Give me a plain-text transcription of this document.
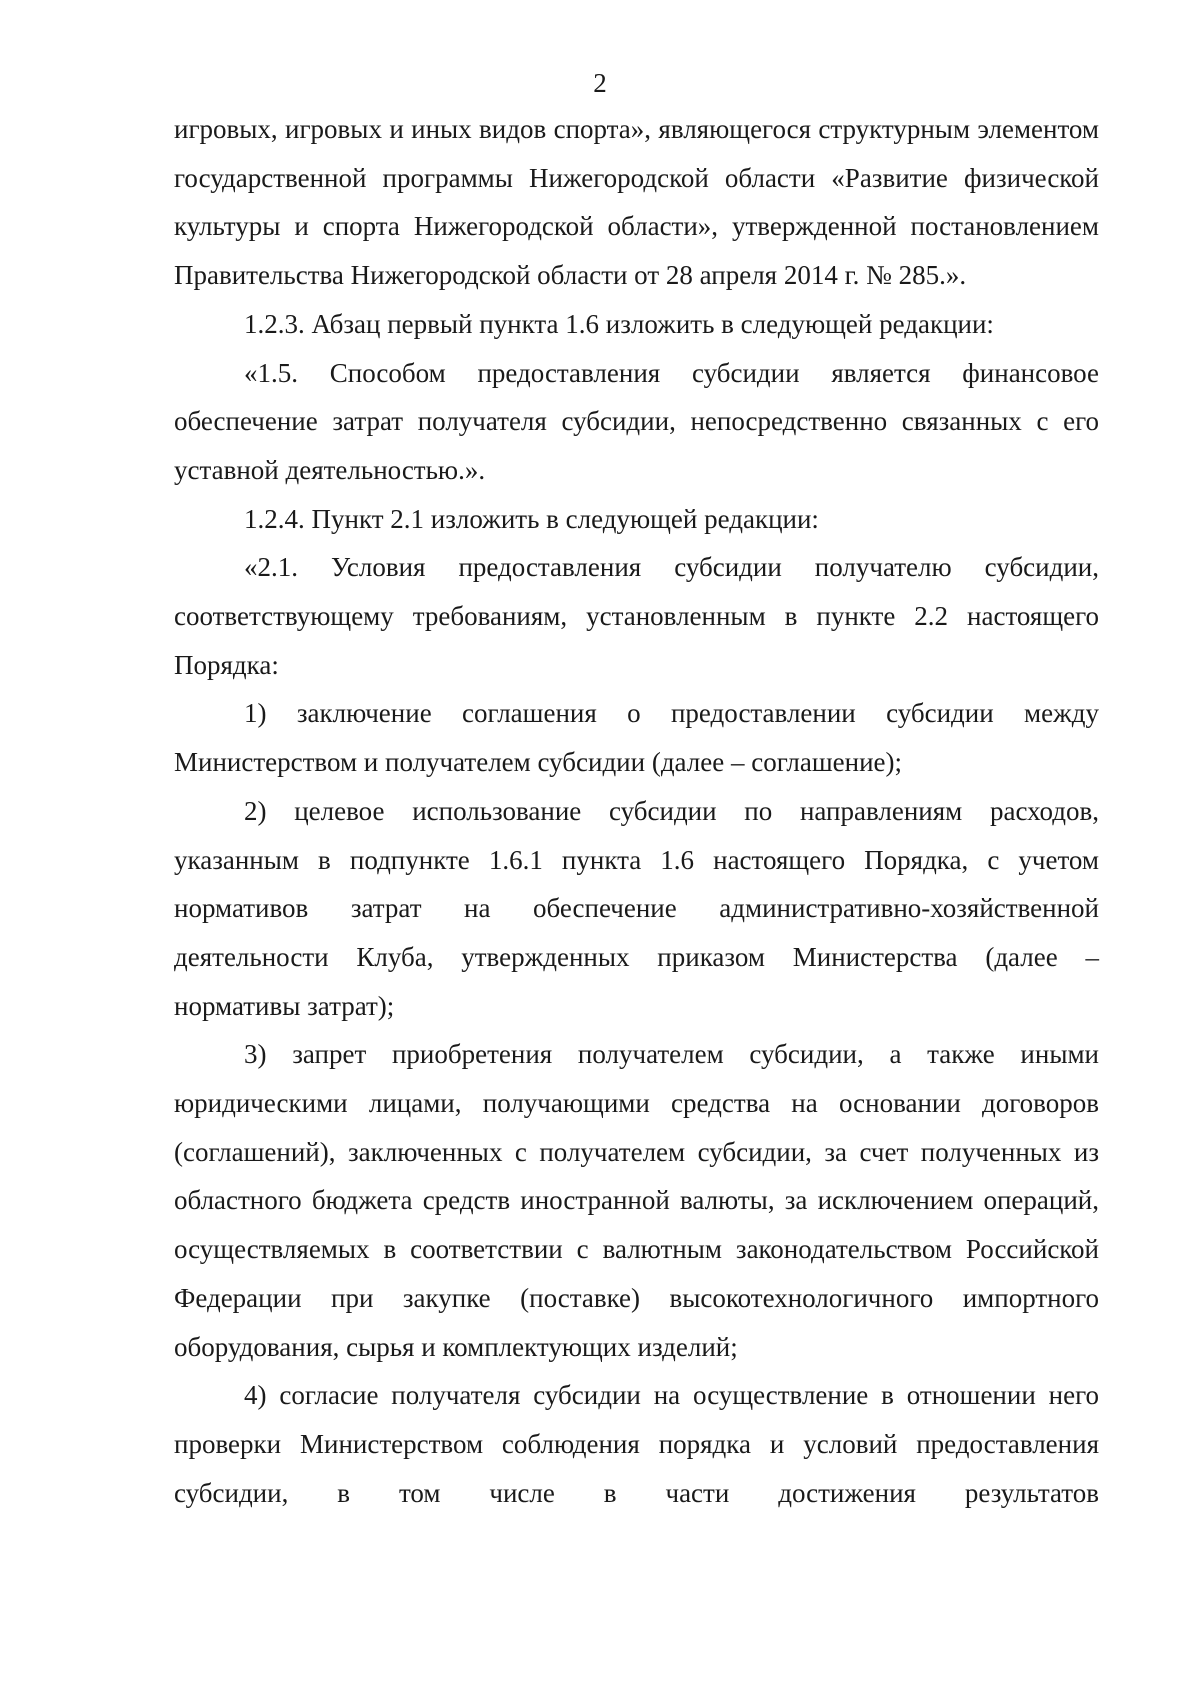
2

игровых, игровых и иных видов спорта», являющегося структурным элементом государственной программы Нижегородской области «Развитие физической культуры и спорта Нижегородской области», утвержденной постановлением Правительства Нижегородской области от 28 апреля 2014 г. № 285.».

1.2.3. Абзац первый пункта 1.6 изложить в следующей редакции:

«1.5. Способом предоставления субсидии является финансовое обеспечение затрат получателя субсидии, непосредственно связанных с его уставной деятельностью.».

1.2.4. Пункт 2.1 изложить в следующей редакции:

«2.1. Условия предоставления субсидии получателю субсидии, соответствующему требованиям, установленным в пункте 2.2 настоящего Порядка:

1) заключение соглашения о предоставлении субсидии между Министерством и получателем субсидии (далее – соглашение);

2) целевое использование субсидии по направлениям расходов, указанным в подпункте 1.6.1 пункта 1.6 настоящего Порядка, с учетом нормативов затрат на обеспечение административно-хозяйственной деятельности Клуба, утвержденных приказом Министерства (далее – нормативы затрат);

3) запрет приобретения получателем субсидии, а также иными юридическими лицами, получающими средства на основании договоров (соглашений), заключенных с получателем субсидии, за счет полученных из областного бюджета средств иностранной валюты, за исключением операций, осуществляемых в соответствии с валютным законодательством Российской Федерации при закупке (поставке) высокотехнологичного импортного оборудования, сырья и комплектующих изделий;

4) согласие получателя субсидии на осуществление в отношении него проверки Министерством соблюдения порядка и условий предоставления субсидии, в том числе в части достижения результатов
